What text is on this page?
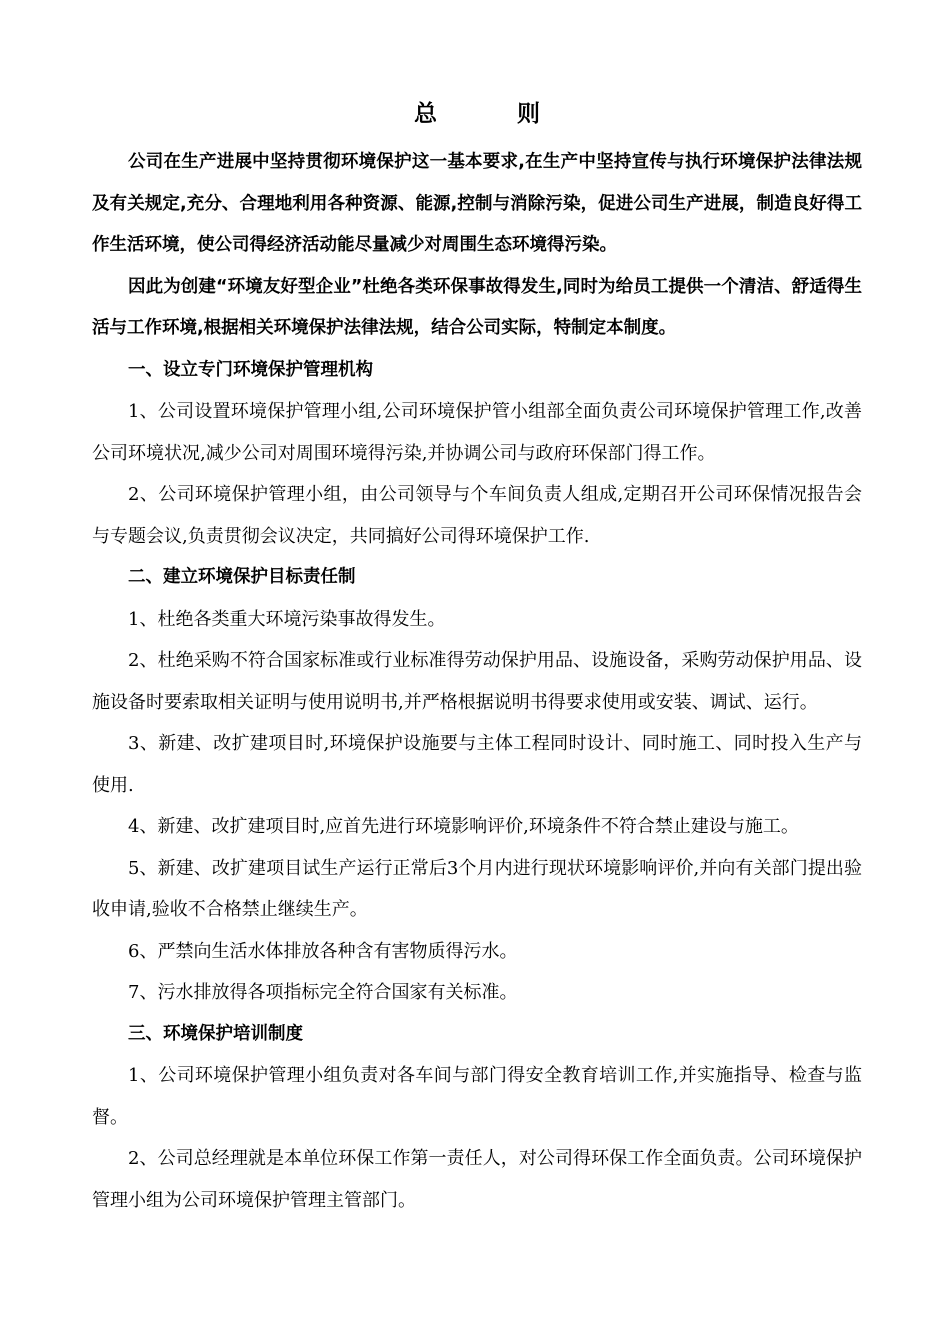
总 则

公司在生产进展中坚持贯彻环境保护这一基本要求,在生产中坚持宣传与执行环境保护法律法规及有关规定,充分、合理地利用各种资源、能源,控制与消除污染，促进公司生产进展，制造良好得工作生活环境，使公司得经济活动能尽量减少对周围生态环境得污染。

因此为创建“环境友好型企业”杜绝各类环保事故得发生,同时为给员工提供一个清洁、舒适得生活与工作环境,根据相关环境保护法律法规，结合公司实际，特制定本制度。

一、设立专门环境保护管理机构

1、公司设置环境保护管理小组,公司环境保护管小组部全面负责公司环境保护管理工作,改善公司环境状况,减少公司对周围环境得污染,并协调公司与政府环保部门得工作。

2、公司环境保护管理小组，由公司领导与个车间负责人组成,定期召开公司环保情况报告会与专题会议,负责贯彻会议决定，共同搞好公司得环境保护工作.

二、建立环境保护目标责任制

1、杜绝各类重大环境污染事故得发生。

2、杜绝采购不符合国家标准或行业标准得劳动保护用品、设施设备，采购劳动保护用品、设施设备时要索取相关证明与使用说明书,并严格根据说明书得要求使用或安装、调试、运行。

3、新建、改扩建项目时,环境保护设施要与主体工程同时设计、同时施工、同时投入生产与使用.

4、新建、改扩建项目时,应首先进行环境影响评价,环境条件不符合禁止建设与施工。

5、新建、改扩建项目试生产运行正常后3个月内进行现状环境影响评价,并向有关部门提出验收申请,验收不合格禁止继续生产。

6、严禁向生活水体排放各种含有害物质得污水。

7、污水排放得各项指标完全符合国家有关标准。

三、环境保护培训制度

1、公司环境保护管理小组负责对各车间与部门得安全教育培训工作,并实施指导、检查与监督。

2、公司总经理就是本单位环保工作第一责任人，对公司得环保工作全面负责。公司环境保护管理小组为公司环境保护管理主管部门。
